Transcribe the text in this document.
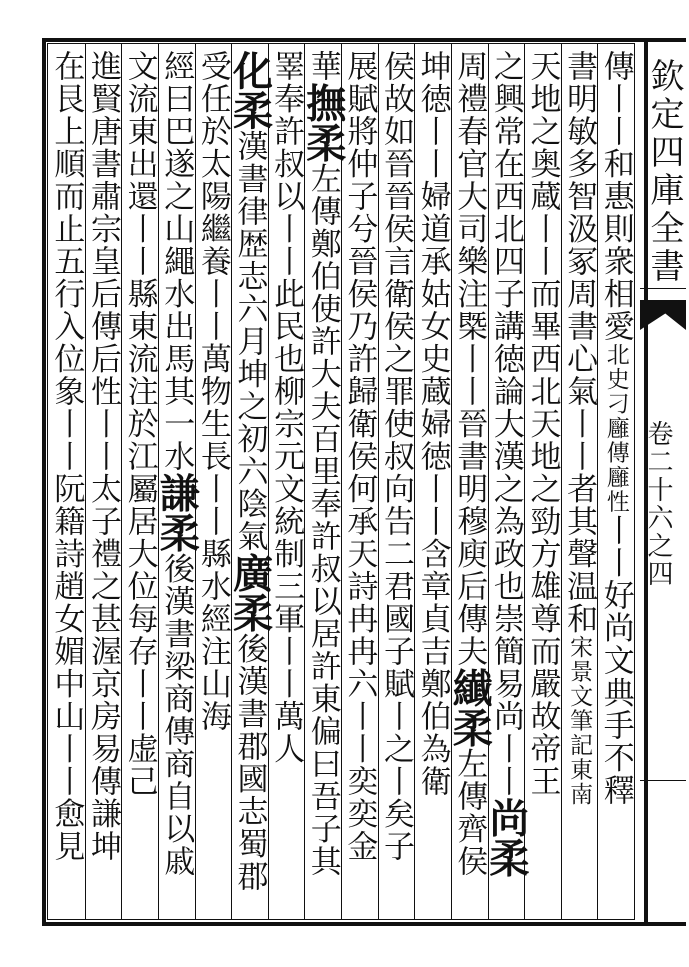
欽定四庫全書
卷二十六之四
傳丨丨和惠則衆相愛北史刁廱傳廱性丨丨好尚文典手不釋
書明敏多智汲冢周書心氣丨丨者其聲温和宋景文筆記東南
天地之奥蔵丨丨而畢西北天地之勁方雄尊而嚴故帝王
之興常在西北四子講徳論大漢之為政也崇簡易尚丨丨尚柔
周禮春官大司樂注㮣丨丨晉書明穆庾后傳夫纎柔左傳齊侯
坤徳丨丨婦道承姑女史蔵婦徳丨丨含章貞吉鄭伯為衛
侯故如晉晉侯言衛侯之罪使叔向告二君國子賦丨之丨矣子
展賦將仲子兮晉侯乃許歸衛侯何承天詩冉冉六丨丨奕奕金
華撫柔左傳鄭伯使許大夫百里奉許叔以居許東偏曰吾子其
睪奉許叔以丨丨此民也柳宗元文統制三軍丨丨萬人
化柔漢書律歴志六月坤之初六陰氣廣柔後漢書郡國志蜀郡
受任於太陽繼養丨丨萬物生長丨丨縣水經注山海
經曰巴遂之山繩水出馬其一水謙柔後漢書梁商傳商自以戚
文流東出還丨丨縣東流注於江屬居大位每存丨丨虚己
進賢唐書肅宗皇后傳后性丨丨太子禮之甚渥京房易傳謙坤
在艮上順而止五行入位象丨丨阮籍詩趙女媚中山丨丨愈見
